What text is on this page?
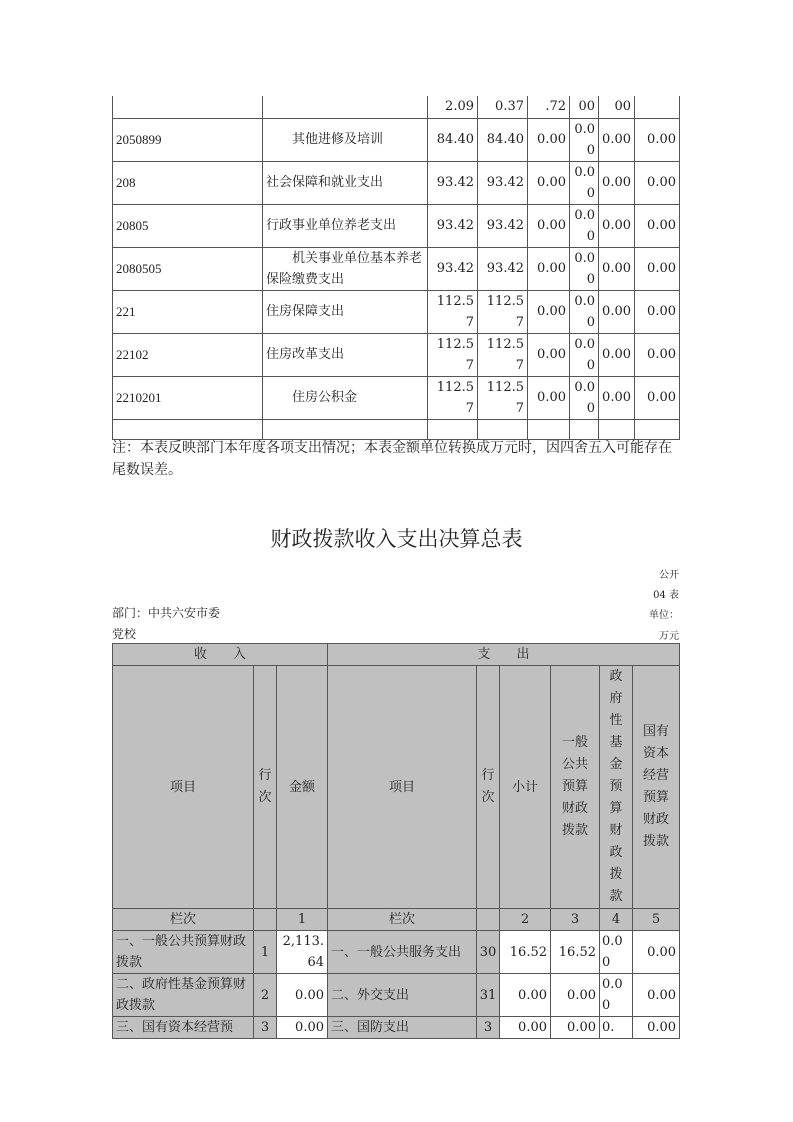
		2.09	0.37	.72	00	00	
2050899	其他进修及培训	84.40	84.40	0.00	0.00	0.00	0.00
208	社会保障和就业支出	93.42	93.42	0.00	0.00	0.00	0.00
20805	行政事业单位养老支出	93.42	93.42	0.00	0.00	0.00	0.00
2080505	机关事业单位基本养老保险缴费支出	93.42	93.42	0.00	0.00	0.00	0.00
221	住房保障支出	112.57	112.57	0.00	0.00	0.00	0.00
22102	住房改革支出	112.57	112.57	0.00	0.00	0.00	0.00
2210201	住房公积金	112.57	112.57	0.00	0.00	0.00	0.00

注：本表反映部门本年度各项支出情况；本表金额单位转换成万元时，因四舍五入可能存在尾数误差。
财政拨款收入支出决算总表
公开
04 表
部门：中共六安市委
党校
单位：
万元
收　　入			支　　出					
项目	行次	金额	项目	行次	小计	一般公共预算财政拨款	政府性基金预算财政拨款	国有资本经营预算财政拨款
栏次		1	栏次		2	3	4	5
一、一般公共预算财政拨款	1	2,113.64	一、一般公共服务支出	30	16.52	16.52	0.00	0.00
二、政府性基金预算财政拨款	2	0.00	二、外交支出	31	0.00	0.00	0.00	0.00
三、国有资本经营预	3	0.00	三、国防支出	3	0.00	0.00	0.	0.00
